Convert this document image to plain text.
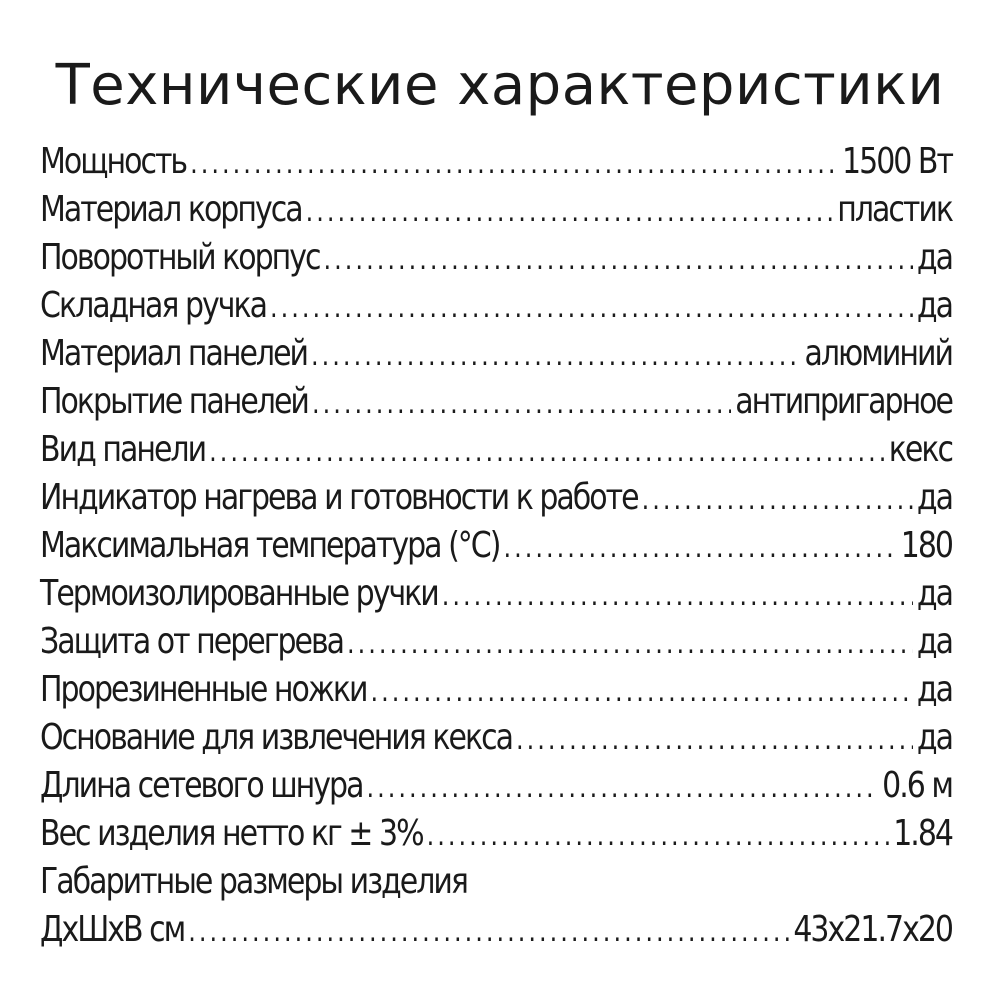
Технические характеристики
Мощность .....	1500 Вт
Материал корпуса .....	пластик
Поворотный корпус .....	да
Складная ручка .....	да
Материал панелей .....	алюминий
Покрытие панелей .....	антипригарное
Вид панели .....	кекс
Индикатор нагрева и готовности к работе .....	да
Максимальная температура (°С) .....	180
Термоизолированные ручки .....	да
Защита от перегрева .....	да
Прорезиненные ножки .....	да
Основание для извлечения кекса .....	да
Длина сетевого шнура .....	0.6 м
Вес изделия нетто кг ± 3% .....	1.84
Габаритные размеры изделия
ДхШхВ см .....	43х21.7х20
